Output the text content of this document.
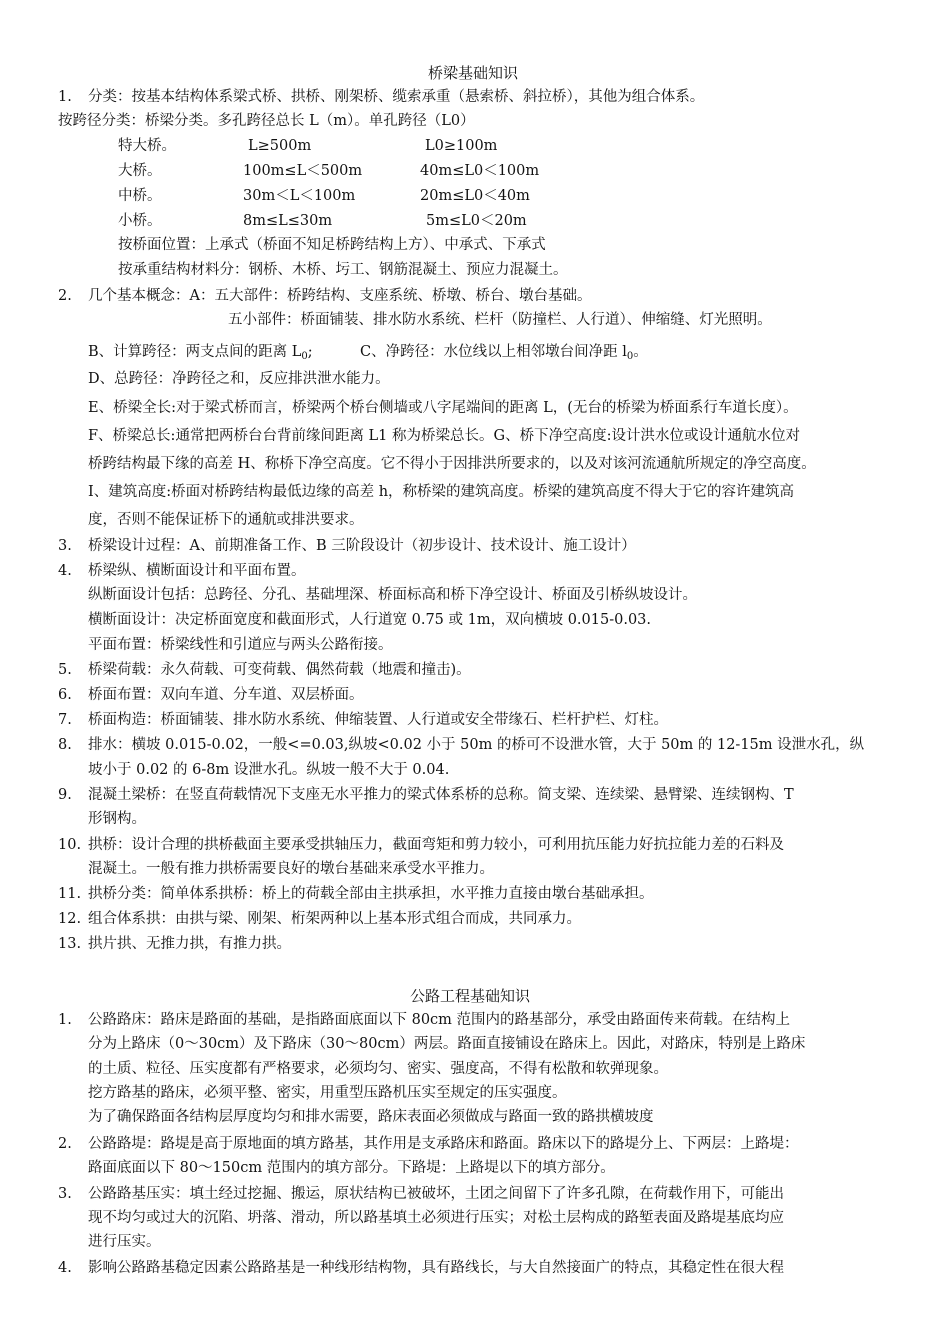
桥梁基础知识
1. 分类：按基本结构体系梁式桥、拱桥、刚架桥、缆索承重（悬索桥、斜拉桥），其他为组合体系。
按跨径分类：桥梁分类。多孔跨径总长 L（m）。单孔跨径（L0）
特大桥。	L≥500m	L0≥100m
大桥。	100m≤L＜500m	40m≤L0＜100m
中桥。	30m＜L＜100m	20m≤L0＜40m
小桥。	8m≤L≤30m	5m≤L0＜20m
按桥面位置：上承式（桥面不知足桥跨结构上方）、中承式、下承式
按承重结构材料分：钢桥、木桥、圬工、钢筋混凝土、预应力混凝土。
2. 几个基本概念：A：五大部件：桥跨结构、支座系统、桥墩、桥台、墩台基础。
五小部件：桥面铺装、排水防水系统、栏杆（防撞栏、人行道）、伸缩缝、灯光照明。
B、计算跨径：两支点间的距离 $L_0$;	C、净跨径：水位线以上相邻墩台间净距 $l_0$。
D、总跨径：净跨径之和，反应排洪泄水能力。
E、桥梁全长:对于梁式桥而言，桥梁两个桥台侧墙或八字尾端间的距离 L，(无台的桥梁为桥面系行车道长度）。
F、桥梁总长:通常把两桥台台背前缘间距离 L1 称为桥梁总长。G、桥下净空高度:设计洪水位或设计通航水位对
桥跨结构最下缘的高差 H、称桥下净空高度。它不得小于因排洪所要求的，以及对该河流通航所规定的净空高度。
I、建筑高度:桥面对桥跨结构最低边缘的高差 h，称桥梁的建筑高度。桥梁的建筑高度不得大于它的容许建筑高
度，否则不能保证桥下的通航或排洪要求。
3. 桥梁设计过程：A、前期准备工作、B 三阶段设计（初步设计、技术设计、施工设计）
4. 桥梁纵、横断面设计和平面布置。
纵断面设计包括：总跨径、分孔、基础埋深、桥面标高和桥下净空设计、桥面及引桥纵坡设计。
横断面设计：决定桥面宽度和截面形式，人行道宽 0.75 或 1m，双向横坡 0.015-0.03.
平面布置：桥梁线性和引道应与两头公路衔接。
5. 桥梁荷载：永久荷载、可变荷载、偶然荷载（地震和撞击)。
6. 桥面布置：双向车道、分车道、双层桥面。
7. 桥面构造：桥面铺装、排水防水系统、伸缩装置、人行道或安全带缘石、栏杆护栏、灯柱。
8. 排水：横坡 0.015-0.02，一般<=0.03,纵坡<0.02 小于 50m 的桥可不设泄水管，大于 50m 的 12-15m 设泄水孔，纵
坡小于 0.02 的 6-8m 设泄水孔。纵坡一般不大于 0.04.
9. 混凝土梁桥：在竖直荷载情况下支座无水平推力的梁式体系桥的总称。简支梁、连续梁、悬臂梁、连续钢构、T
形钢构。
10. 拱桥：设计合理的拱桥截面主要承受拱轴压力，截面弯矩和剪力较小，可利用抗压能力好抗拉能力差的石料及
混凝土。一般有推力拱桥需要良好的墩台基础来承受水平推力。
11. 拱桥分类：简单体系拱桥：桥上的荷载全部由主拱承担，水平推力直接由墩台基础承担。
12. 组合体系拱：由拱与梁、刚架、桁架两种以上基本形式组合而成，共同承力。
13. 拱片拱、无推力拱，有推力拱。
公路工程基础知识
1. 公路路床：路床是路面的基础，是指路面底面以下 80cm 范围内的路基部分，承受由路面传来荷载。在结构上
分为上路床（0～30cm）及下路床（30～80cm）两层。路面直接铺设在路床上。因此，对路床，特别是上路床
的土质、粒径、压实度都有严格要求，必须均匀、密实、强度高，不得有松散和软弹现象。
挖方路基的路床，必须平整、密实，用重型压路机压实至规定的压实强度。
为了确保路面各结构层厚度均匀和排水需要，路床表面必须做成与路面一致的路拱横坡度
2. 公路路堤：路堤是高于原地面的填方路基，其作用是支承路床和路面。路床以下的路堤分上、下两层：上路堤：
路面底面以下 80～150cm 范围内的填方部分。下路堤：上路堤以下的填方部分。
3. 公路路基压实：填土经过挖掘、搬运，原状结构已被破坏，土团之间留下了许多孔隙，在荷载作用下，可能出
现不均匀或过大的沉陷、坍落、滑动，所以路基填土必须进行压实；对松土层构成的路堑表面及路堤基底均应
进行压实。
4. 影响公路路基稳定因素公路路基是一种线形结构物，具有路线长，与大自然接面广的特点，其稳定性在很大程
